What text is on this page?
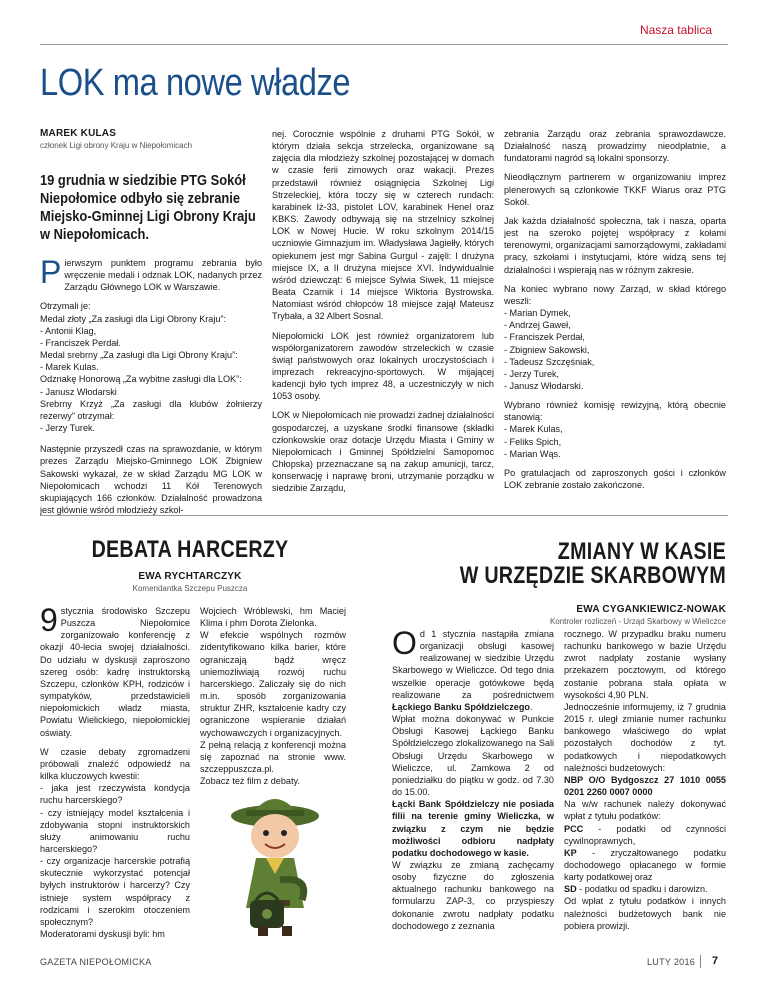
Nasza tablica
LOK ma nowe władze
MAREK KULAS
członek Ligi obrony Kraju w Niepołomicach
19 grudnia w siedzibie PTG Sokół Niepołomice odbyło się zebranie Miejsko-Gminnej Ligi Obrony Kraju w Niepołomicach.

Pierwszym punktem programu zebrania było wręczenie medali i odznak LOK, nadanych przez Zarządu Głównego LOK w Warszawie.

Otrzymali je:
Medal złoty „Za zasługi dla Ligi Obrony Kraju”:
- Antonii Klag,
- Franciszek Perdał.
Medal srebrny „Za zasługi dla Ligi Obrony Kraju”:
- Marek Kulas.
Odznakę Honorową „Za wybitne zasługi dla LOK”:
- Janusz Włodarski
Srebrny Krzyż „Za zasługi dla klubów żołnierzy rezerwy” otrzymał:
- Jerzy Turek.

Następnie przyszedł czas na sprawozdanie, w którym prezes Zarządu Miejsko-Gminnego LOK Zbigniew Sakowski wykazał, że w skład Zarządu MG LOK w Niepołomicach wchodzi 11 Kół Terenowych skupiających 166 członków. Działalność prowadzona jest głównie wśród młodzieży szkol-

nej. Corocznie wspólnie z druhami PTG Sokół, w którym działa sekcja strzelecka, organizowane są zajęcia dla młodzieży szkolnej pozostającej w domach w czasie ferii zimowych oraz wakacji. Prezes przedstawił również osiągnięcia Szkolnej Ligi Strzeleckiej, która toczy się w czterech rundach: karabinek Iż-33, pistolet LOV, karabinek Henel oraz KBKS. Zawody odbywają się na strzelnicy szkolnej LOK w Nowej Hucie. W roku szkolnym 2014/15 uczniowie Gimnazjum im. Władysława Jagiełły, których opiekunem jest mgr Sabina Gurgul - zajęli: I drużyna miejsce IX, a II drużyna miejsce XVI. Indywidualnie wśród dziewcząt: 6 miejsce Sylwia Siwek, 11 miejsce Beata Czarnik i 14 miejsce Wiktoria Bystrowska. Natomiast wśród chłopców 18 miejsce zajął Mateusz Trybała, a 32 Albert Sosnal.

Niepołomicki LOK jest również organizatorem lub współorganizatorem zawodów strzeleckich w czasie świąt państwowych oraz lokalnych uroczystościach i imprezach rekreacyjno-sportowych. W mijającej kadencji było tych imprez 48, a uczestniczyły w nich 1053 osoby.

LOK w Niepołomicach nie prowadzi żadnej działalności gospodarczej, a uzyskane środki finansowe (składki członkowskie oraz dotacje Urzędu Miasta i Gminy w Niepołomicach i Gminnej Spółdzielni Samopomoc Chłopska) przeznaczane są na zakup amunicji, tarcz, konserwację i naprawę broni, utrzymanie porządku w siedzibie Zarządu,

zebrania Zarządu oraz zebrania sprawozdawcze. Działalność naszą prowadzimy nieodpłatnie, a fundatorami nagród są lokalni sponsorzy.

Nieodłącznym partnerem w organizowaniu imprez plenerowych są członkowie TKKF Wiarus oraz PTG Sokół.

Jak każda działalność społeczna, tak i nasza, oparta jest na szeroko pojętej współpracy z kołami terenowymi, organizacjami samorządowymi, zakładami pracy, szkołami i instytucjami, które widzą sens tej działalności i wspierają nas w różnym zakresie.

Na koniec wybrano nowy Zarząd, w skład którego weszli:

- Marian Dymek,
- Andrzej Gaweł,
- Franciszek Perdał,
- Zbigniew Sakowski,
- Tadeusz Szczęśniak,
- Jerzy Turek,
- Janusz Włodarski.

Wybrano również komisję rewizyjną, którą obecnie stanowią:

- Marek Kulas,
- Feliks Spich,
- Marian Wąs.

Po gratulacjach od zaproszonych gości i członków LOK zebranie zostało zakończone.

DEBATA HARCERZY
EWA RYCHTARCZYK
Komendantka Szczepu Puszcza

9 stycznia środowisko Szczepu Puszcza Niepołomice zorganizowało konferencję z okazji 40-lecia swojej działalności. Do udziału w dyskusji zaproszono szereg osób: kadrę instruktorską Szczepu, członków KPH, rodziców i sympatyków, przedstawicieli niepołomickich władz miasta, Powiatu Wielickiego, niepołomickiej oświaty.

W czasie debaty zgromadzeni próbowali znaleźć odpowiedź na kilka kluczowych kwestii:
- jaka jest rzeczywista kondycja ruchu harcerskiego?
- czy istniejący model kształcenia i zdobywania stopni instruktorskich służy animowaniu ruchu harcerskiego?
- czy organizacje harcerskie potrafią skutecznie wykorzystać potencjał byłych instruktorów i harcerzy? Czy istnieje system współpracy z rodzicami i szerokim otoczeniem społecznym?
Moderatorami dyskusji byli: hm

Wojciech Wróblewski, hm Maciej Klima i phm Dorota Zielonka.

W efekcie wspólnych rozmów zidentyfikowano kilka barier, które ograniczają bądź wręcz uniemożliwiają rozwój ruchu harcerskiego. Zaliczały się do nich m.in. sposób zorganizowania struktur ZHR, kształcenie kadry czy ograniczone wspieranie działań wychowawczych i organizacyjnych.

Z pełną relacją z konferencji można się zapoznać na stronie www. szczeppuszcza.pl.

Zobacz też film z debaty.

ZMIANY W KASIE
W URZĘDZIE SKARBOWYM
EWA CYGANKIEWICZ-NOWAK
Kontroler rozliczeń - Urząd Skarbowy w Wieliczce

Od 1 stycznia nastąpiła zmiana organizacji obsługi kasowej realizowanej w siedzibie Urzędu Skarbowego w Wieliczce. Od tego dnia wszelkie operacje gotówkowe będą realizowane za pośrednictwem Łąckiego Banku Spółdzielczego.

Wpłat można dokonywać w Punkcie Obsługi Kasowej Łąckiego Banku Spółdzielczego zlokalizowanego na Sali Obsługi Urzędu Skarbowego w Wieliczce, ul. Zamkowa 2 od poniedziałku do piątku w godz. od 7.30 do 15.00.

Łącki Bank Spółdzielczy nie posiada filii na terenie gminy Wieliczka, w związku z czym nie będzie możliwości odbioru nadpłaty podatku dochodowego w kasie.

W związku ze zmianą zachęcamy osoby fizyczne do zgłoszenia aktualnego rachunku bankowego na formularzu ZAP-3, co przyspieszy dokonanie zwrotu nadpłaty podatku dochodowego z zeznania

rocznego. W przypadku braku numeru rachunku bankowego w bazie Urzędu zwrot nadpłaty zostanie wysłany przekazem pocztowym, od którego zostanie pobrana stała opłata w wysokości 4,90 PLN.

Jednocześnie informujemy, iż 7 grudnia 2015 r. uległ zmianie numer rachunku bankowego właściwego do wpłat pozostałych dochodów z tyt. podatkowych i niepodatkowych należności budżetowych:

NBP O/O Bydgoszcz 27 1010 0055 0201 2260 0007 0000

Na w/w rachunek należy dokonywać wpłat z tytułu podatków:

PCC - podatki od czynności cywilnoprawnych,

KP - zryczałtowanego podatku dochodowego opłacanego w formie karty podatkowej oraz

SD - podatku od spadku i darowizn.

Od wpłat z tytułu podatków i innych należności budżetowych bank nie pobiera prowizji.

GAZETA NIEPOŁOMICKA	LUTY 2016 7
